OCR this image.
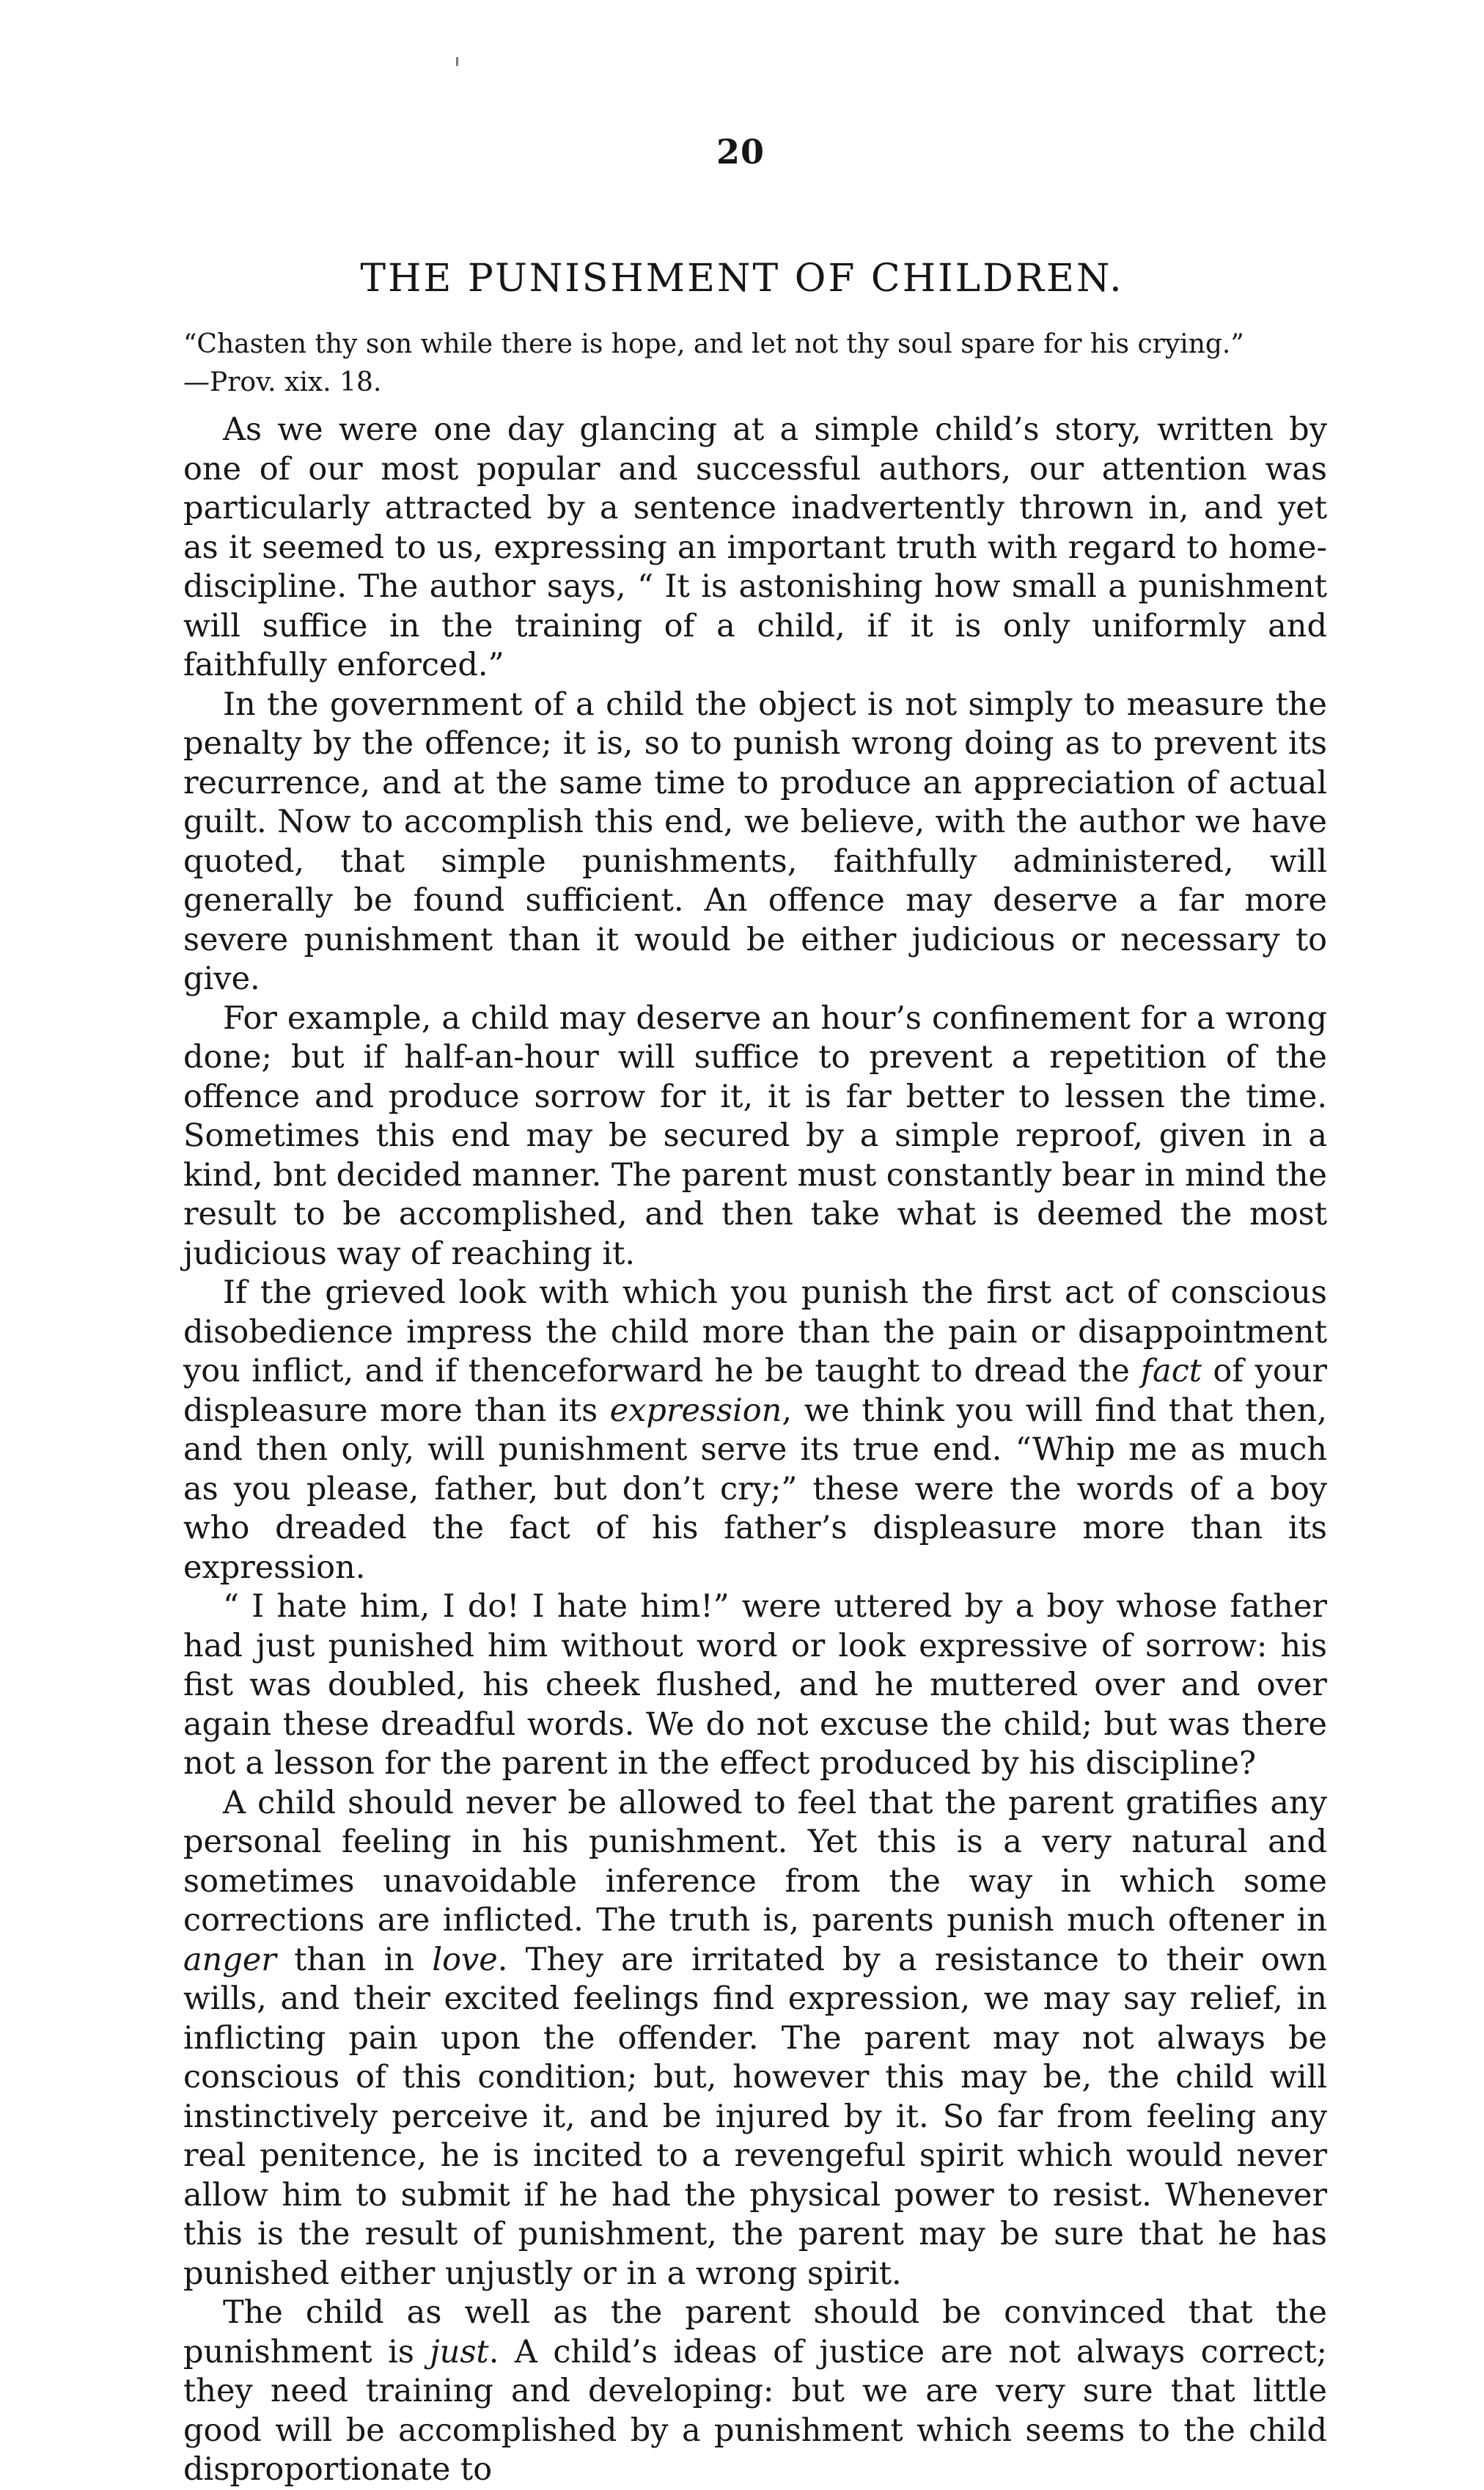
20
THE PUNISHMENT OF CHILDREN.
“Chasten thy son while there is hope, and let not thy soul spare for his crying.”
—Prov. xix. 18.

As we were one day glancing at a simple child’s story, written by one of our most popular and successful authors, our attention was particularly attracted by a sentence inadvertently thrown in, and yet as it seemed to us, expressing an important truth with regard to home-discipline. The author says, “ It is astonishing how small a punishment will suffice in the training of a child, if it is only uniformly and faithfully enforced.”

In the government of a child the object is not simply to measure the penalty by the offence; it is, so to punish wrong doing as to prevent its recurrence, and at the same time to produce an appreciation of actual guilt. Now to accomplish this end, we believe, with the author we have quoted, that simple punishments, faithfully administered, will generally be found sufficient. An offence may deserve a far more severe punishment than it would be either judicious or necessary to give.

For example, a child may deserve an hour’s confinement for a wrong done; but if half-an-hour will suffice to prevent a repetition of the offence and produce sorrow for it, it is far better to lessen the time. Sometimes this end may be secured by a simple reproof, given in a kind, bnt decided manner. The parent must constantly bear in mind the result to be accomplished, and then take what is deemed the most judicious way of reaching it.

If the grieved look with which you punish the first act of conscious disobedience impress the child more than the pain or disappointment you inflict, and if thenceforward he be taught to dread the fact of your displeasure more than its expression, we think you will find that then, and then only, will punishment serve its true end. “Whip me as much as you please, father, but don’t cry;” these were the words of a boy who dreaded the fact of his father’s displeasure more than its expression.

“ I hate him, I do! I hate him!” were uttered by a boy whose father had just punished him without word or look expressive of sorrow: his fist was doubled, his cheek flushed, and he muttered over and over again these dreadful words. We do not excuse the child; but was there not a lesson for the parent in the effect produced by his discipline?

A child should never be allowed to feel that the parent gratifies any personal feeling in his punishment. Yet this is a very natural and sometimes unavoidable inference from the way in which some corrections are inflicted. The truth is, parents punish much oftener in anger than in love. They are irritated by a resistance to their own wills, and their excited feelings find expression, we may say relief, in inflicting pain upon the offender. The parent may not always be conscious of this condition; but, however this may be, the child will instinctively perceive it, and be injured by it. So far from feeling any real penitence, he is incited to a revengeful spirit which would never allow him to submit if he had the physical power to resist. Whenever this is the result of punishment, the parent may be sure that he has punished either unjustly or in a wrong spirit.

The child as well as the parent should be convinced that the punishment is just. A child’s ideas of justice are not always correct; they need training and developing: but we are very sure that little good will be accomplished by a punishment which seems to the child disproportionate to
